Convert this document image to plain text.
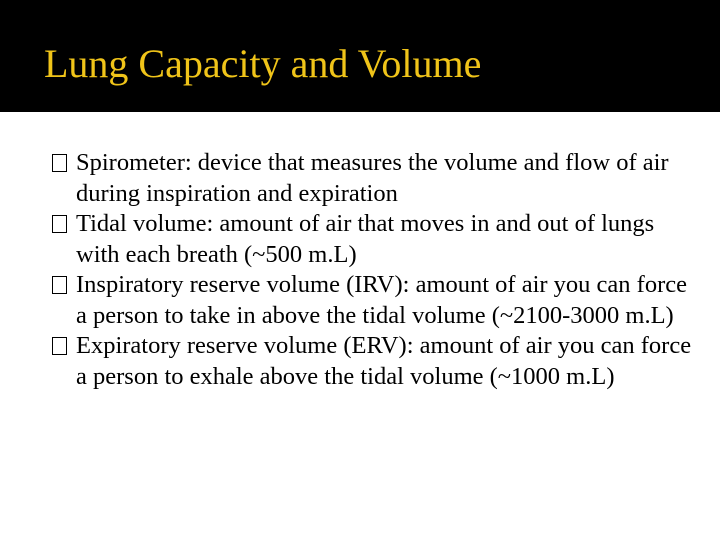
Lung Capacity and Volume
Spirometer: device that measures the volume and flow of air during inspiration and expiration
Tidal volume: amount of air that moves in and out of lungs with each breath (~500 m.L)
Inspiratory reserve volume (IRV): amount of air you can force a person to take in above the tidal volume (~2100-3000 m.L)
Expiratory reserve volume (ERV): amount of air you can force a person to exhale above the tidal volume (~1000 m.L)
